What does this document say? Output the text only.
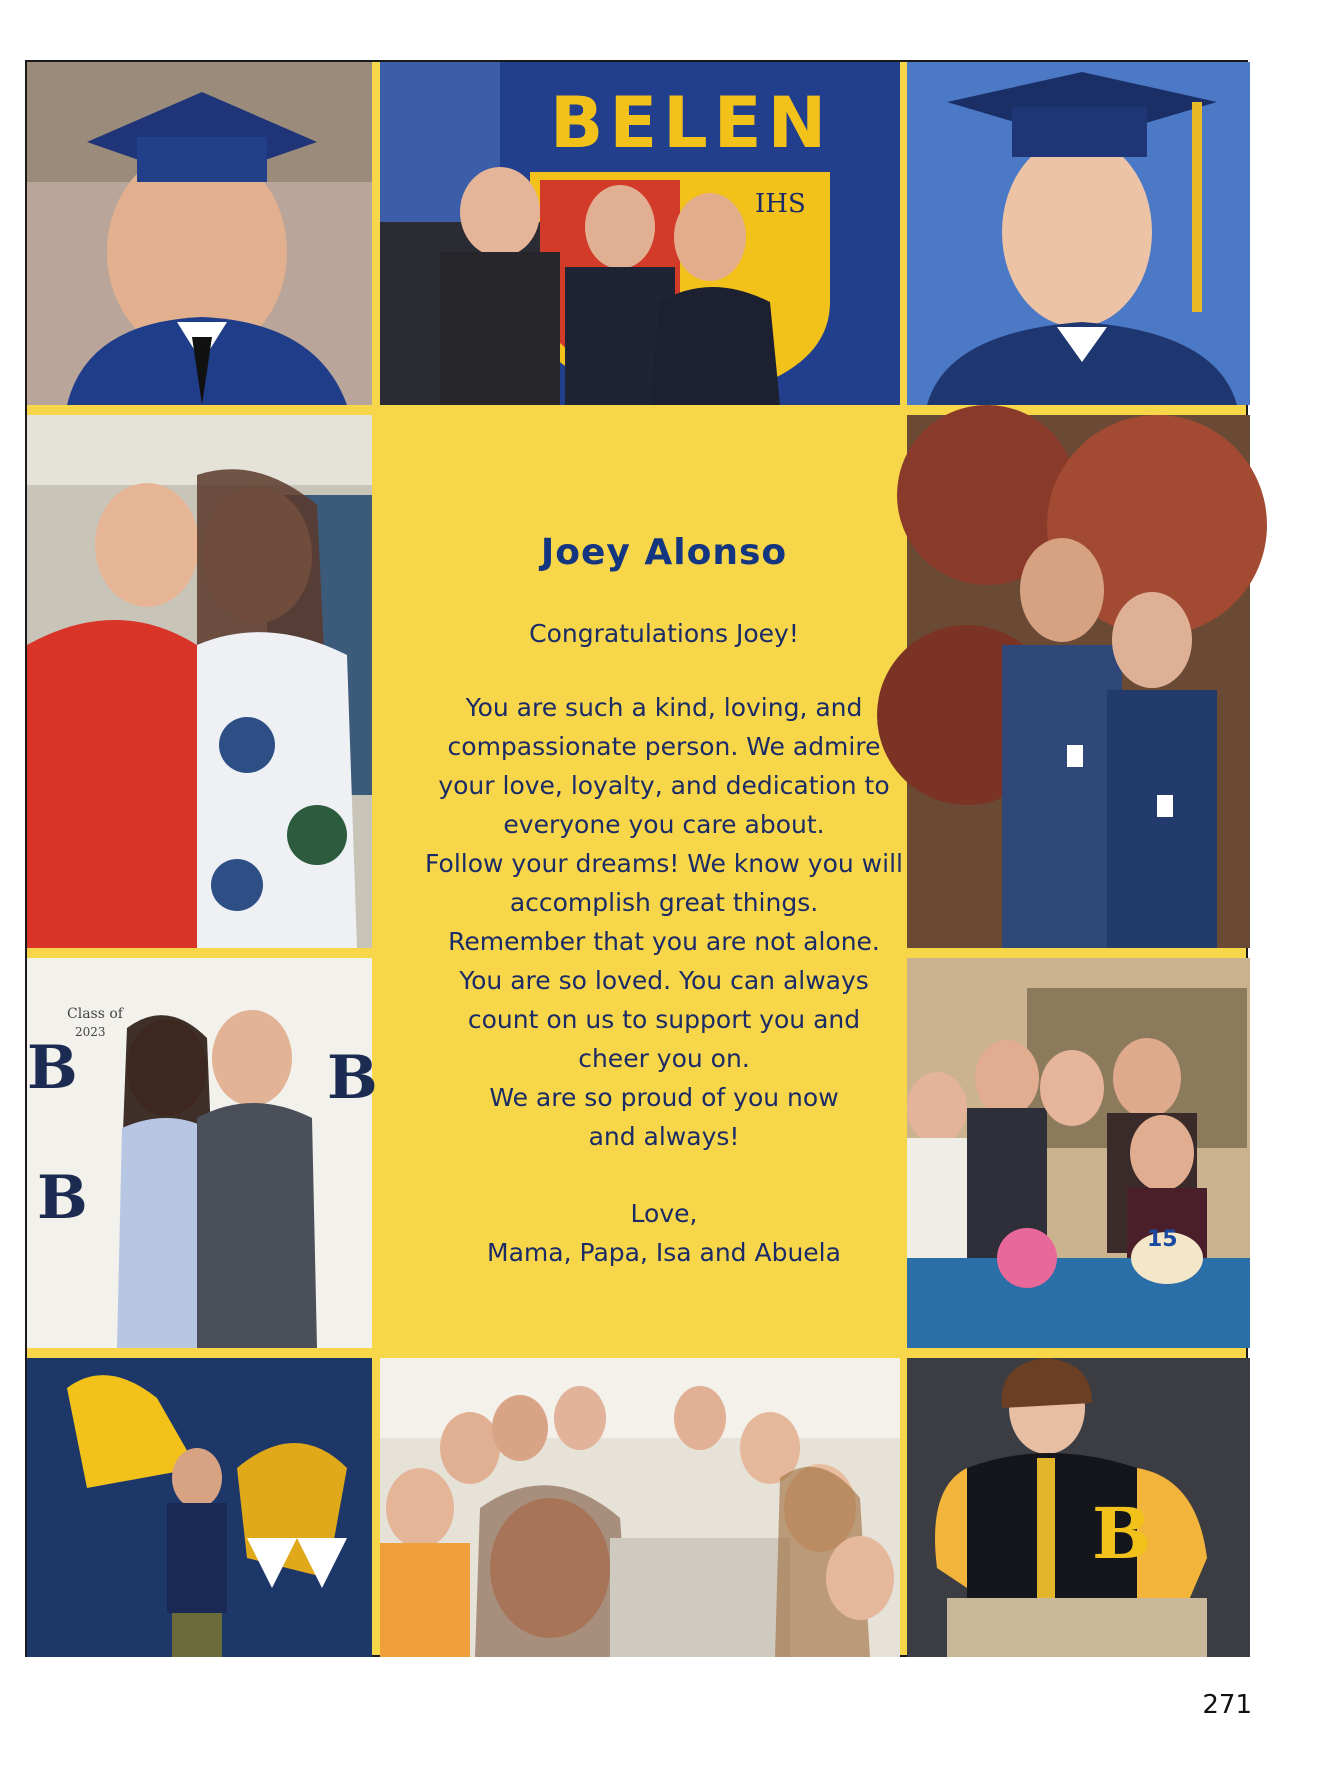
BELEN
IHS
Class of
2023
B	B
B
15
B
Joey Alonso
Congratulations Joey!

You are such a kind, loving, and

compassionate person. We admire

your love, loyalty, and dedication to

everyone you care about.

Follow your dreams! We know you will

accomplish great things.

Remember that you are not alone.

You are so loved. You can always

count on us to support you and

cheer you on.

We are so proud of you now

and always!

Love,
Mama, Papa, Isa and Abuela
271
